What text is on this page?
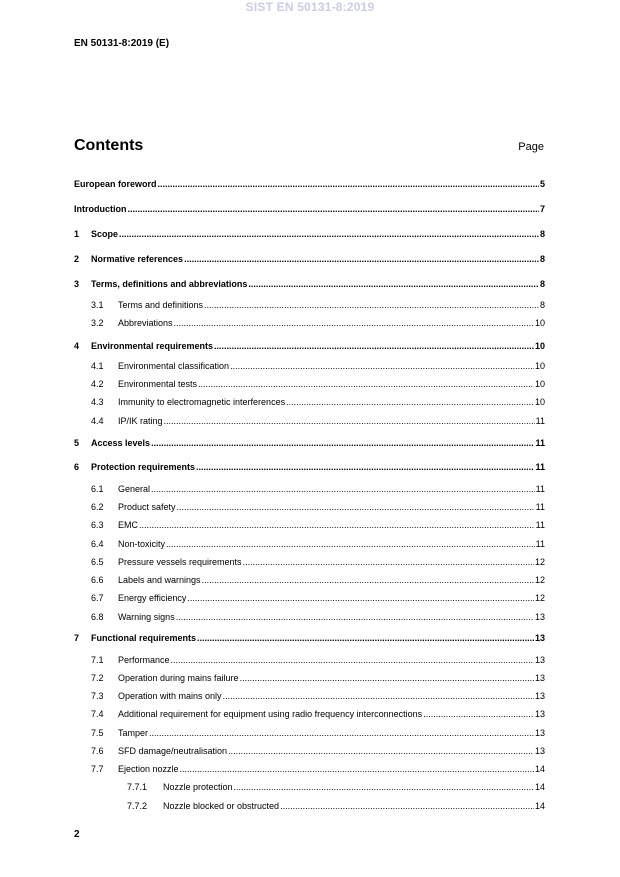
SIST EN 50131-8:2019
EN 50131-8:2019 (E)
Contents	Page
European foreword .....	5
Introduction .....	7
1	Scope .....	8
2	Normative references .....	8
3	Terms, definitions and abbreviations .....	8
3.1	Terms and definitions .....	8
3.2	Abbreviations .....	10
4	Environmental requirements .....	10
4.1	Environmental classification .....	10
4.2	Environmental tests .....	10
4.3	Immunity to electromagnetic interferences .....	10
4.4	IP/IK rating .....	11
5	Access levels .....	11
6	Protection requirements .....	11
6.1	General .....	11
6.2	Product safety .....	11
6.3	EMC .....	11
6.4	Non-toxicity .....	11
6.5	Pressure vessels requirements .....	12
6.6	Labels and warnings .....	12
6.7	Energy efficiency .....	12
6.8	Warning signs .....	13
7	Functional requirements .....	13
7.1	Performance .....	13
7.2	Operation during mains failure .....	13
7.3	Operation with mains only .....	13
7.4	Additional requirement for equipment using radio frequency interconnections .....	13
7.5	Tamper .....	13
7.6	SFD damage/neutralisation .....	13
7.7	Ejection nozzle .....	14
7.7.1	Nozzle protection .....	14
7.7.2	Nozzle blocked or obstructed .....	14
2
